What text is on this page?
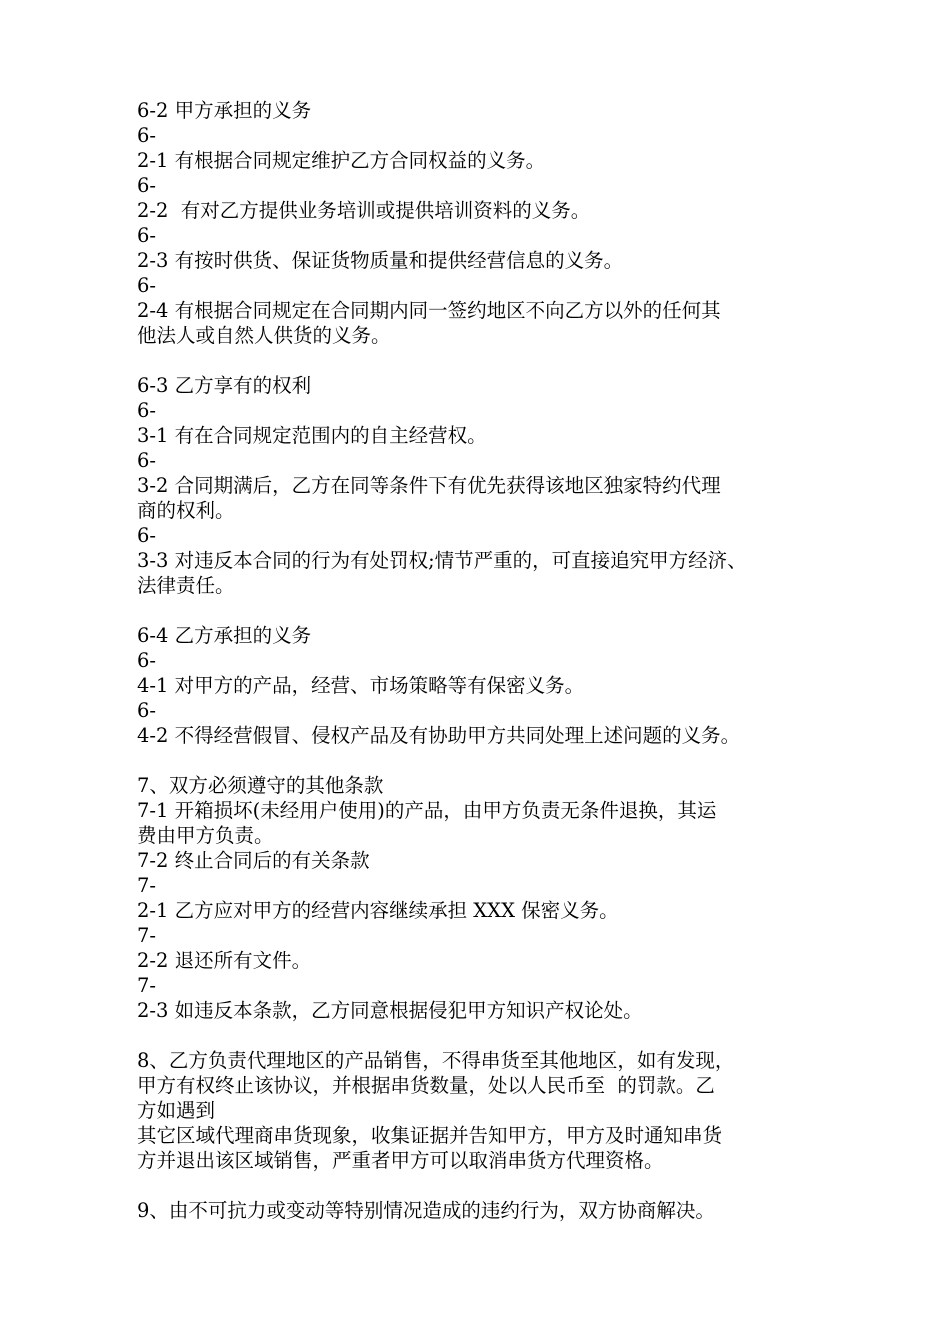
6-2 甲方承担的义务
6-
2-1 有根据合同规定维护乙方合同权益的义务。
6-
2-2  有对乙方提供业务培训或提供培训资料的义务。
6-
2-3 有按时供货、保证货物质量和提供经营信息的义务。
6-
2-4 有根据合同规定在合同期内同一签约地区不向乙方以外的任何其
他法人或自然人供货的义务。
6-3 乙方享有的权利
6-
3-1 有在合同规定范围内的自主经营权。
6-
3-2 合同期满后，乙方在同等条件下有优先获得该地区独家特约代理
商的权利。
6-
3-3 对违反本合同的行为有处罚权;情节严重的，可直接追究甲方经济、
法律责任。
6-4 乙方承担的义务
6-
4-1 对甲方的产品，经营、市场策略等有保密义务。
6-
4-2 不得经营假冒、侵权产品及有协助甲方共同处理上述问题的义务。
7、双方必须遵守的其他条款
7-1 开箱损坏(未经用户使用)的产品，由甲方负责无条件退换，其运
费由甲方负责。
7-2 终止合同后的有关条款
7-
2-1 乙方应对甲方的经营内容继续承担 XXX 保密义务。
7-
2-2 退还所有文件。
7-
2-3 如违反本条款，乙方同意根据侵犯甲方知识产权论处。
8、乙方负责代理地区的产品销售，不得串货至其他地区，如有发现，
甲方有权终止该协议，并根据串货数量，处以人民币至  的罚款。乙
方如遇到
其它区域代理商串货现象，收集证据并告知甲方，甲方及时通知串货
方并退出该区域销售，严重者甲方可以取消串货方代理资格。
9、由不可抗力或变动等特别情况造成的违约行为，双方协商解决。
